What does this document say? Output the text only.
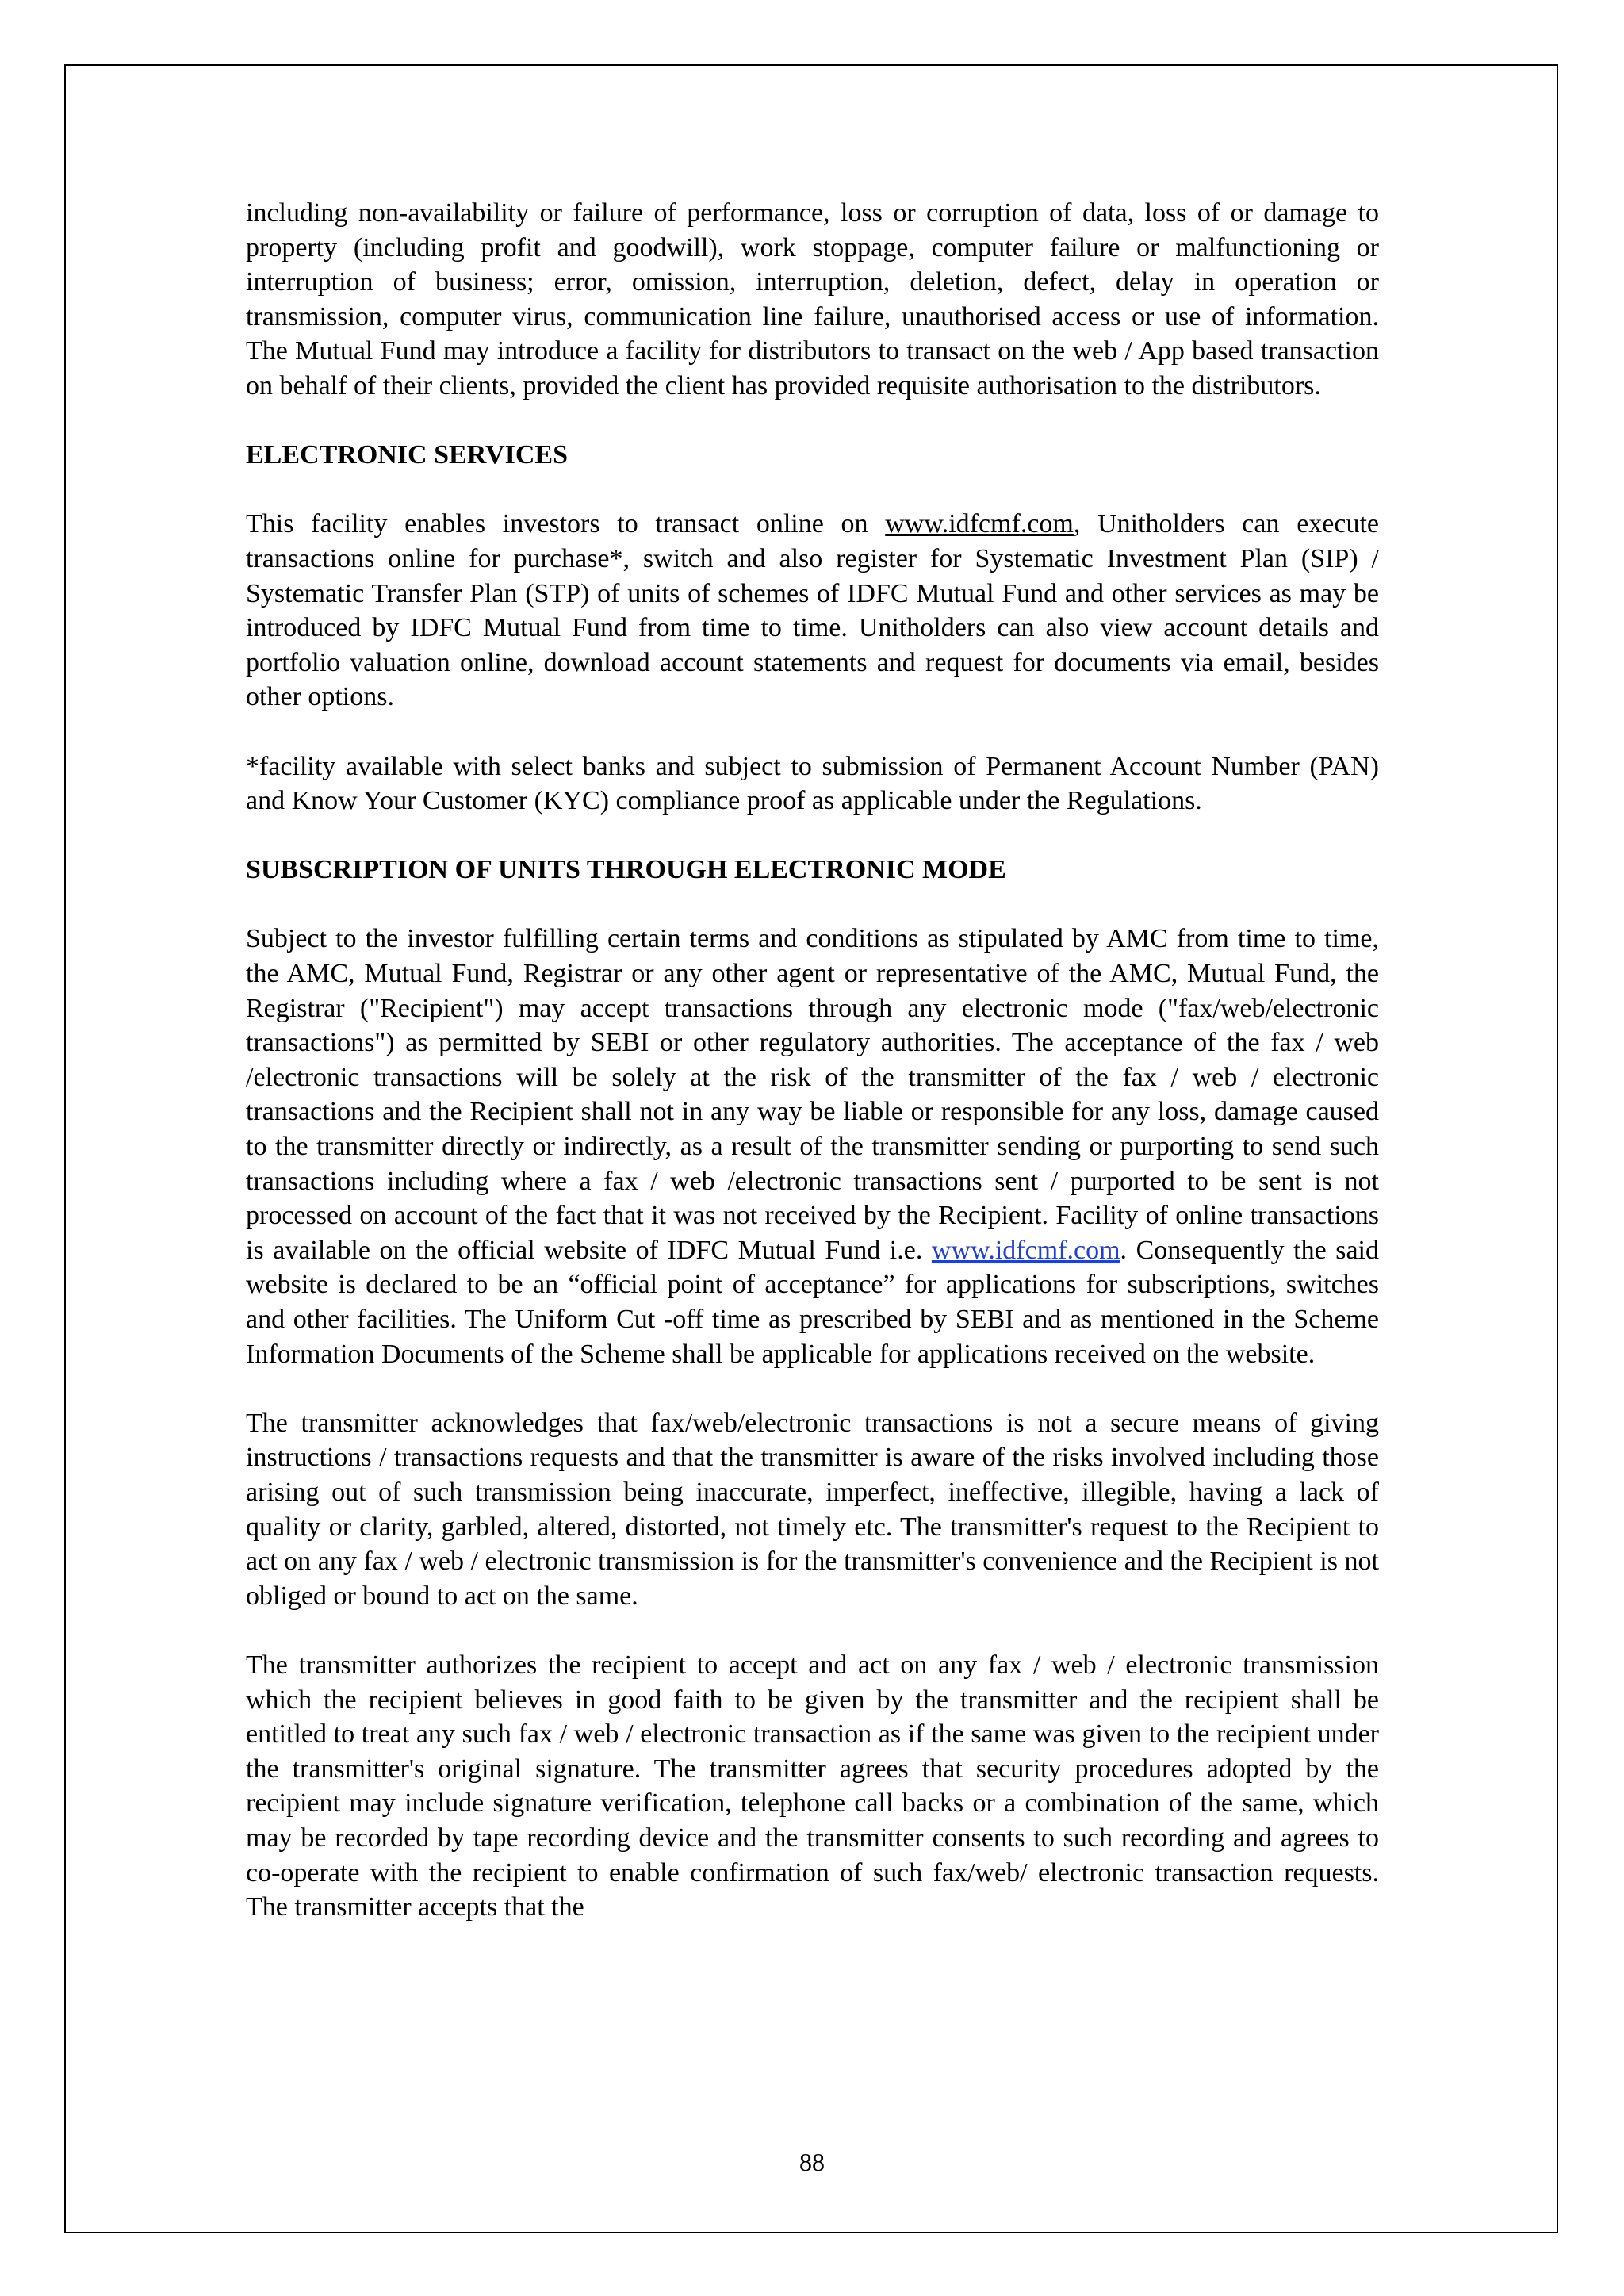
including non-availability or failure of performance, loss or corruption of data, loss of or damage to property (including profit and goodwill), work stoppage, computer failure or malfunctioning or interruption of business; error, omission, interruption, deletion, defect, delay in operation or transmission, computer virus, communication line failure, unauthorised access or use of information. The Mutual Fund may introduce a facility for distributors to transact on the web / App based transaction on behalf of their clients, provided the client has provided requisite authorisation to the distributors.

ELECTRONIC SERVICES

This facility enables investors to transact online on www.idfcmf.com, Unitholders can execute transactions online for purchase*, switch and also register for Systematic Investment Plan (SIP) / Systematic Transfer Plan (STP) of units of schemes of IDFC Mutual Fund and other services as may be introduced by IDFC Mutual Fund from time to time. Unitholders can also view account details and portfolio valuation online, download account statements and request for documents via email, besides other options.

*facility available with select banks and subject to submission of Permanent Account Number (PAN) and Know Your Customer (KYC) compliance proof as applicable under the Regulations.

SUBSCRIPTION OF UNITS THROUGH ELECTRONIC MODE

Subject to the investor fulfilling certain terms and conditions as stipulated by AMC from time to time, the AMC, Mutual Fund, Registrar or any other agent or representative of the AMC, Mutual Fund, the Registrar ("Recipient") may accept transactions through any electronic mode ("fax/web/electronic transactions") as permitted by SEBI or other regulatory authorities. The acceptance of the fax / web /electronic transactions will be solely at the risk of the transmitter of the fax / web / electronic transactions and the Recipient shall not in any way be liable or responsible for any loss, damage caused to the transmitter directly or indirectly, as a result of the transmitter sending or purporting to send such transactions including where a fax / web /electronic transactions sent / purported to be sent is not processed on account of the fact that it was not received by the Recipient. Facility of online transactions is available on the official website of IDFC Mutual Fund i.e. www.idfcmf.com. Consequently the said website is declared to be an “official point of acceptance” for applications for subscriptions, switches and other facilities. The Uniform Cut -off time as prescribed by SEBI and as mentioned in the Scheme Information Documents of the Scheme shall be applicable for applications received on the website.

The transmitter acknowledges that fax/web/electronic transactions is not a secure means of giving instructions / transactions requests and that the transmitter is aware of the risks involved including those arising out of such transmission being inaccurate, imperfect, ineffective, illegible, having a lack of quality or clarity, garbled, altered, distorted, not timely etc. The transmitter's request to the Recipient to act on any fax / web / electronic transmission is for the transmitter's convenience and the Recipient is not obliged or bound to act on the same.

The transmitter authorizes the recipient to accept and act on any fax / web / electronic transmission which the recipient believes in good faith to be given by the transmitter and the recipient shall be entitled to treat any such fax / web / electronic transaction as if the same was given to the recipient under the transmitter's original signature. The transmitter agrees that security procedures adopted by the recipient may include signature verification, telephone call backs or a combination of the same, which may be recorded by tape recording device and the transmitter consents to such recording and agrees to co-operate with the recipient to enable confirmation of such fax/web/ electronic transaction requests. The transmitter accepts that the

88
